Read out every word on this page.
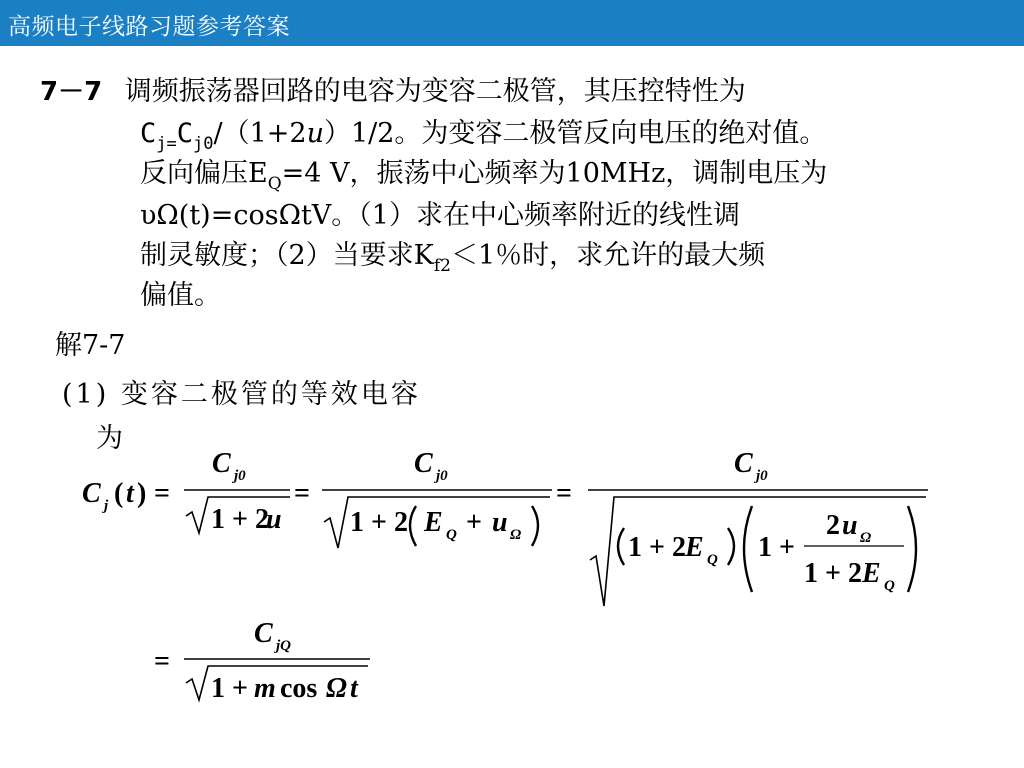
高频电子线路习题参考答案
7－7 调频振荡器回路的电容为变容二极管，其压控特性为
$C_{j=}C_{j0}/(1+2u)1/2$。为变容二极管反向电压的绝对值。
反向偏压$E_Q=4$ V，振荡中心频率为10MHz，调制电压为
υΩ(t)=cosΩtV。（1）求在中心频率附近的线性调
制灵敏度；（2）当要求$K_{f2}<1$％时，求允许的最大频
偏值。
解7-7
(1) 变容二极管的等效电容
为
C j ( t ) =
C j0
1 + 2
u
=
C j0
1 + 2 E Q + u Ω
=
C j0
1 + 2 E Q 1 +
2 u Ω
1 + 2 E Q
=
C jQ
1 + m cos Ω t
